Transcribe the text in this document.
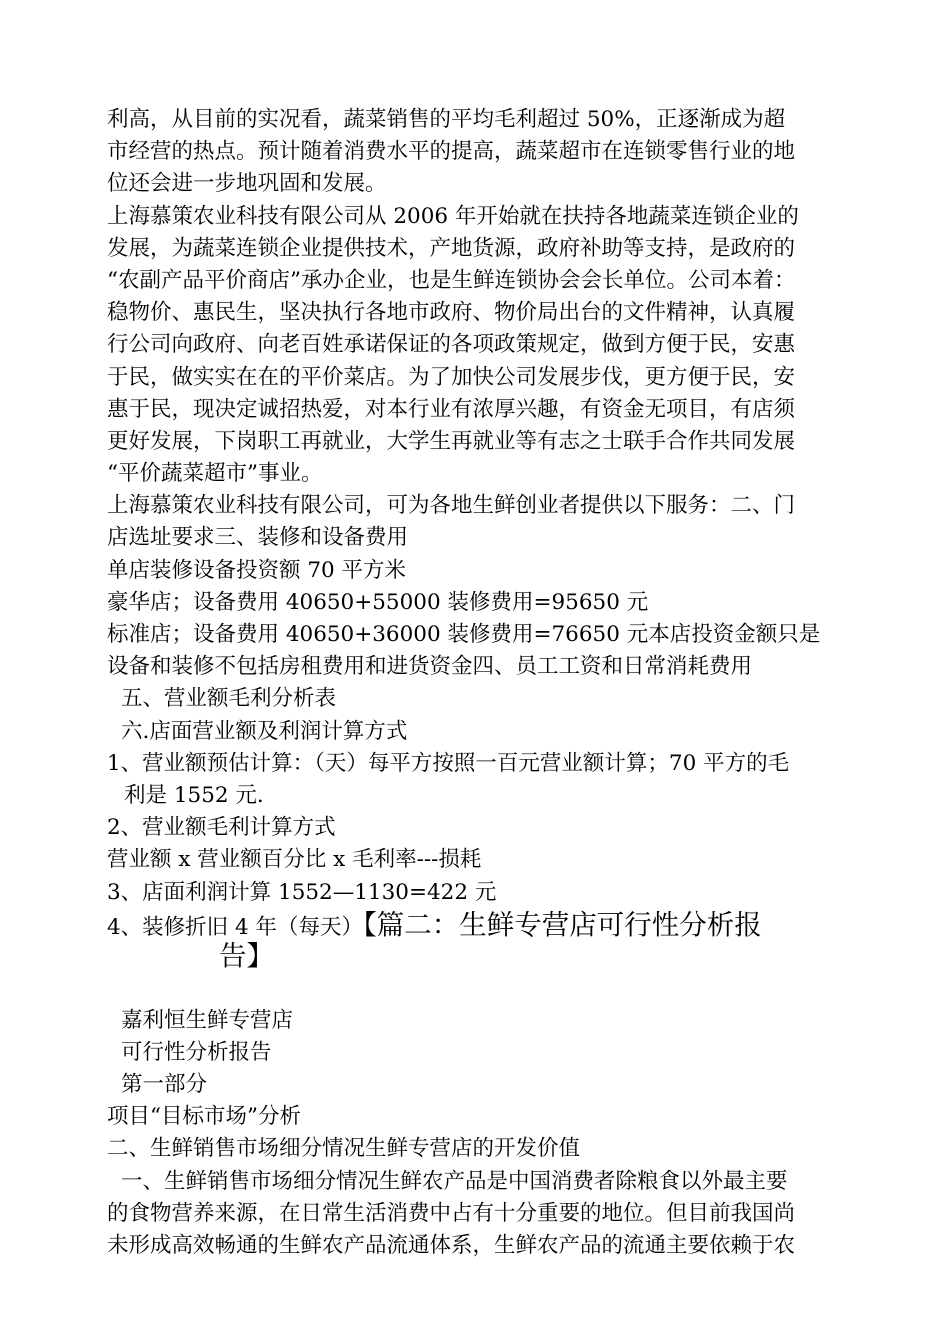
利高，从目前的实况看，蔬菜销售的平均毛利超过 50%，正逐渐成为超
市经营的热点。预计随着消费水平的提高，蔬菜超市在连锁零售行业的地
位还会进一步地巩固和发展。
上海慕策农业科技有限公司从 2006 年开始就在扶持各地蔬菜连锁企业的
发展，为蔬菜连锁企业提供技术，产地货源，政府补助等支持，是政府的
“农副产品平价商店”承办企业，也是生鲜连锁协会会长单位。公司本着：
稳物价、惠民生，坚决执行各地市政府、物价局出台的文件精神，认真履
行公司向政府、向老百姓承诺保证的各项政策规定，做到方便于民，安惠
于民，做实实在在的平价菜店。为了加快公司发展步伐，更方便于民，安
惠于民，现决定诚招热爱，对本行业有浓厚兴趣，有资金无项目，有店须
更好发展，下岗职工再就业，大学生再就业等有志之士联手合作共同发展
“平价蔬菜超市”事业。
上海慕策农业科技有限公司，可为各地生鲜创业者提供以下服务：二、门
店选址要求三、装修和设备费用
单店装修设备投资额 70 平方米
豪华店；设备费用 40650+55000 装修费用=95650 元
标准店；设备费用 40650+36000 装修费用=76650 元本店投资金额只是
设备和装修不包括房租费用和进货资金四、员工工资和日常消耗费用
五、营业额毛利分析表
六.店面营业额及利润计算方式
1、营业额预估计算：（天）每平方按照一百元营业额计算；70 平方的毛
利是 1552 元.
2、营业额毛利计算方式
营业额 x 营业额百分比 x 毛利率---损耗
3、店面利润计算 1552—1130=422 元
4、装修折旧 4 年（每天）【篇二：生鲜专营店可行性分析报
告】
嘉利恒生鲜专营店
可行性分析报告
第一部分
项目“目标市场”分析
二、生鲜销售市场细分情况生鲜专营店的开发价值
一、生鲜销售市场细分情况生鲜农产品是中国消费者除粮食以外最主要
的食物营养来源，在日常生活消费中占有十分重要的地位。但目前我国尚
未形成高效畅通的生鲜农产品流通体系，生鲜农产品的流通主要依赖于农
